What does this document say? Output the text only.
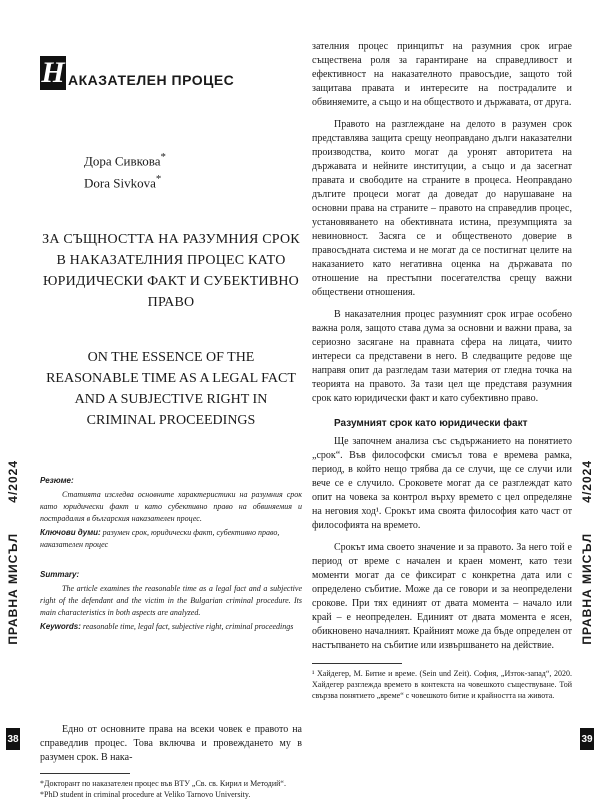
4/2024
ПРАВНА МИСЪЛ
38
4/2024
ПРАВНА МИСЪЛ
39
Н АКАЗАТЕЛЕН ПРОЦЕС
Дора Сивкова*
Dora Sivkova*
ЗА СЪЩНОСТТА НА РАЗУМНИЯ СРОК В НАКАЗАТЕЛНИЯ ПРОЦЕС КАТО ЮРИДИЧЕСКИ ФАКТ И СУБЕКТИВНО ПРАВО
ON THE ESSENCE OF THE REASONABLE TIME AS A LEGAL FACT AND A SUBJECTIVE RIGHT IN CRIMINAL PROCEEDINGS
Резюме:
Статията изследва основните характеристики на разумния срок като юридически факт и като субективно право на обвиняемия и пострадалия в българския наказателен процес.
Ключови думи: разумен срок, юридически факт, субективно право, наказателен процес
Summary:
The article examines the reasonable time as a legal fact and a subjective right of the defendant and the victim in the Bulgarian criminal procedure. Its main characteristics in both aspects are analyzed.
Keywords: reasonable time, legal fact, subjective right, criminal proceedings

Едно от основните права на всеки човек е правото на справедлив процес. Това включва и провеждането му в разумен срок. В нака-

*Докторант по наказателен процес във ВТУ „Св. св. Кирил и Методий“.
*PhD student in criminal procedure at Veliko Tarnovo University.

зателния процес принципът на разумния срок играе съществена роля за гарантиране на справедливост и ефективност на наказателното правосъдие, защото той защитава правата и интересите на пострадалите и обвиняемите, а също и на обществото и държавата, от друга.

Правото на разглеждане на делото в разумен срок представлява защита срещу неоправдано дълги наказателни производства, които могат да уронят авторитета на държавата и нейните институции, а също и да засегнат правата и свободите на страните в процеса. Неоправдано дългите процеси могат да доведат до нарушаване на основни права на страните – правото на справедлив процес, установяването на обективната истина, презумпцията за невиновност. Засяга се и общественото доверие в правосъдната система и не могат да се постигнат целите на наказанието като негативна оценка на държавата по отношение на престъпни посегателства срещу важни обществени отношения.

В наказателния процес разумният срок играе особено важна роля, защото става дума за основни и важни права, за сериозно засягане на правната сфера на лицата, чиито интереси са представени в него. В следващите редове ще направя опит да разгледам тази материя от гледна точка на теорията на правото. За тази цел ще представя разумния срок като юридически факт и като субективно право.

Разумният срок като юридически факт

Ще започнем анализа със съдържанието на понятието „срок“. Във философски смисъл това е времева рамка, период, в който нещо трябва да се случи, ще се случи или вече се е случило. Сроковете могат да се разглеждат като опит на човека за контрол върху времето с цел определяне на неговия ход¹. Срокът има своята философия като част от философията на времето.

Срокът има своето значение и за правото. За него той е период от време с начален и краен момент, като тези моменти могат да се фиксират с конкретна дата или с определено събитие. Може да се говори и за неопределени срокове. При тях единият от двата момента – начало или край – е неопределен. Единият от двата момента е ясен, обикновено началният. Крайният може да бъде определен от настъпването на събитие или извършването на действие.

¹ Хайдегер, М. Битие и време. (Sein und Zeit). София, „Изток-запад“, 2020. Хайдегер разглежда времето в контекста на човешкото съществуване. Той свързва понятието „време“ с човешкото битие и крайността на живота.
